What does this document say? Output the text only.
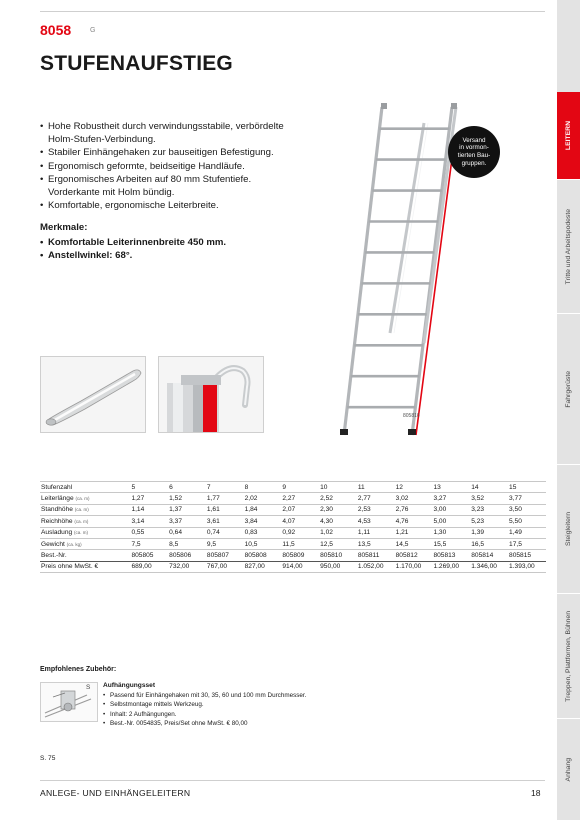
8058	G
STUFENAUFSTIEG
• Hohe Robustheit durch verwindungsstabile, verbördelte Holm-Stufen-Verbindung.
• Stabiler Einhängehaken zur bauseitigen Befestigung.
• Ergonomisch geformte, beidseitige Handläufe.
• Ergonomisches Arbeiten auf 80 mm Stufentiefe. Vorderkante mit Holm bündig.
• Komfortable, ergonomische Leiterbreite.
Merkmale:
• Komfortable Leiterinnenbreite 450 mm.
• Anstellwinkel: 68°.
805810
Versand
in vormon-
tierten Bau-
gruppen.
Stufenzahl	5	6	7	8	9	10	11	12	13	14	15
Leiterlänge (ca. m)	1,27	1,52	1,77	2,02	2,27	2,52	2,77	3,02	3,27	3,52	3,77
Standhöhe (ca. m)	1,14	1,37	1,61	1,84	2,07	2,30	2,53	2,76	3,00	3,23	3,50
Reichhöhe (ca. m)	3,14	3,37	3,61	3,84	4,07	4,30	4,53	4,76	5,00	5,23	5,50
Ausladung (ca. m)	0,55	0,64	0,74	0,83	0,92	1,02	1,11	1,21	1,30	1,39	1,49
Gewicht (ca. kg)	7,5	8,5	9,5	10,5	11,5	12,5	13,5	14,5	15,5	16,5	17,5
Best.-Nr.	805805	805806	805807	805808	805809	805810	805811	805812	805813	805814	805815
Preis ohne MwSt. €	689,00	732,00	767,00	827,00	914,00	950,00	1.052,00	1.170,00	1.269,00	1.346,00	1.393,00
Empfohlenes Zubehör:
S Aufhängungsset
• Passend für Einhängehaken mit 30, 35, 60 und 100 mm Durchmesser.
• Selbstmontage mittels Werkzeug.
• Inhalt: 2 Aufhängungen.
• Best.-Nr. 0054835, Preis/Set ohne MwSt. € 80,00
S. 75
ANLEGE- UND EINHÄNGELEITERN	18
LEITERN
Tritte und Arbeitspodeste
Fahrgerüste
Steigleitern
Treppen, Plattformen, Bühnen
Anhang
